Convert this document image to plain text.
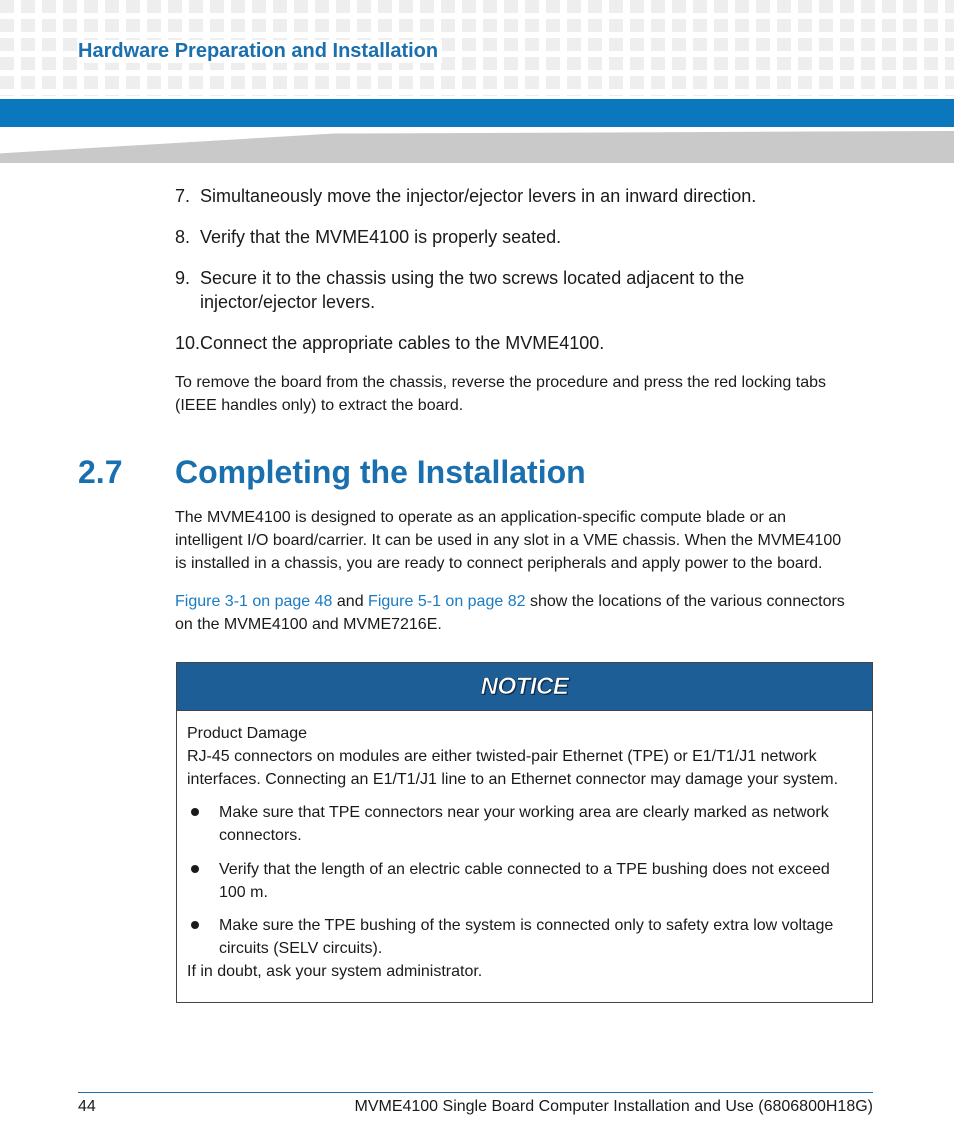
Hardware Preparation and Installation

7. Simultaneously move the injector/ejector levers in an inward direction.

8. Verify that the MVME4100 is properly seated.

9. Secure it to the chassis using the two screws located adjacent to the

injector/ejector levers.

10.Connect the appropriate cables to the MVME4100.

To remove the board from the chassis, reverse the procedure and press the red locking tabs

(IEEE handles only) to extract the board.

2.7 Completing the Installation

The MVME4100 is designed to operate as an application-specific compute blade or an

intelligent I/O board/carrier. It can be used in any slot in a VME chassis. When the MVME4100

is installed in a chassis, you are ready to connect peripherals and apply power to the board.

Figure 3-1 on page 48 and Figure 5-1 on page 82 show the locations of the various connectors

on the MVME4100 and MVME7216E.

NOTICE

Product Damage

RJ-45 connectors on modules are either twisted-pair Ethernet (TPE) or E1/T1/J1 network

interfaces. Connecting an E1/T1/J1 line to an Ethernet connector may damage your system.

Make sure that TPE connectors near your working area are clearly marked as network
connectors.
Verify that the length of an electric cable connected to a TPE bushing does not exceed
100 m.
Make sure the TPE bushing of the system is connected only to safety extra low voltage
circuits (SELV circuits).

If in doubt, ask your system administrator.

44	MVME4100 Single Board Computer Installation and Use (6806800H18G)
